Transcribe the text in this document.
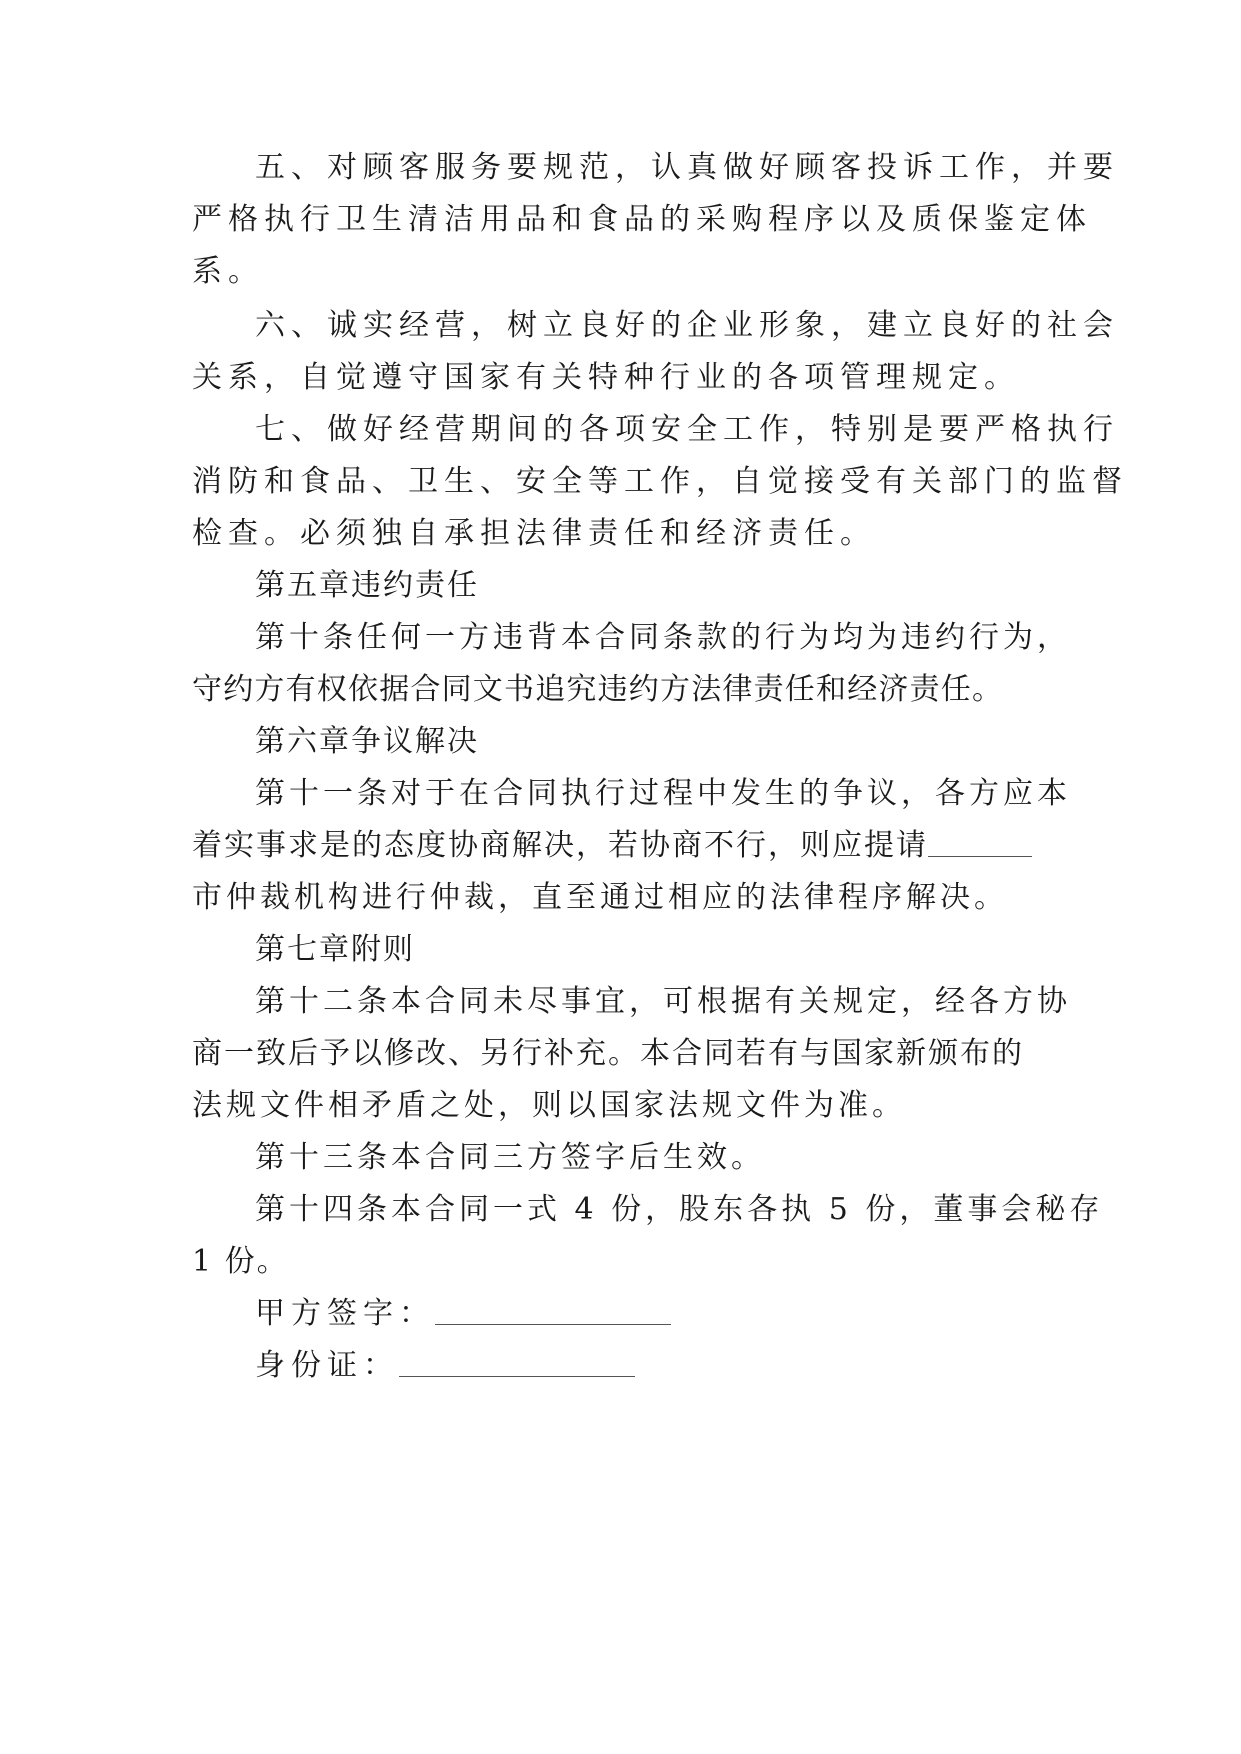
五、对顾客服务要规范，认真做好顾客投诉工作，并要
严格执行卫生清洁用品和食品的采购程序以及质保鉴定体
系。
六、诚实经营，树立良好的企业形象，建立良好的社会
关系，自觉遵守国家有关特种行业的各项管理规定。
七、做好经营期间的各项安全工作，特别是要严格执行
消防和食品、卫生、安全等工作，自觉接受有关部门的监督
检查。必须独自承担法律责任和经济责任。
第五章违约责任
第十条任何一方违背本合同条款的行为均为违约行为，
守约方有权依据合同文书追究违约方法律责任和经济责任。
第六章争议解决
第十一条对于在合同执行过程中发生的争议，各方应本
着实事求是的态度协商解决，若协商不行，则应提请
市仲裁机构进行仲裁，直至通过相应的法律程序解决。
第七章附则
第十二条本合同未尽事宜，可根据有关规定，经各方协
商一致后予以修改、另行补充。本合同若有与国家新颁布的
法规文件相矛盾之处，则以国家法规文件为准。
第十三条本合同三方签字后生效。
第十四条本合同一式 4 份，股东各执 5 份，董事会秘存
1 份。
甲方签字：
身份证：
